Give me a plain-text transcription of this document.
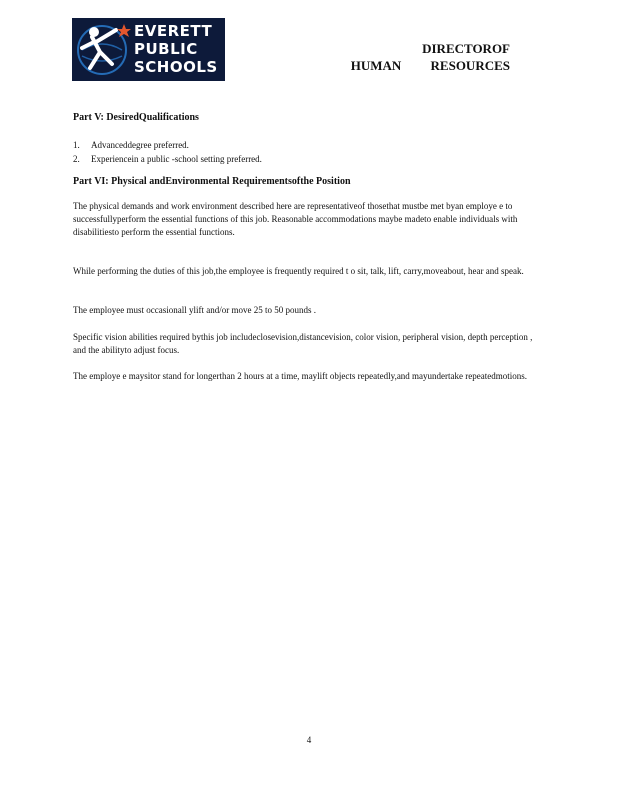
EVERETT
PUBLIC
SCHOOLS
DIRECTOROF
HUMAN RESOURCES
Part V: DesiredQualifications
1. Advanceddegree preferred.
2. Experiencein a public -school setting preferred.
Part VI: Physical andEnvironmental Requirementsofthe Position
The physical demands and work environment described here are representativeof thosethat mustbe met byan employe e to successfullyperform the essential functions of this job. Reasonable accommodations maybe madeto enable individuals with disabilitiesto perform the essential functions.
While performing the duties of this job,the employee is frequently required t o sit, talk, lift, carry,moveabout, hear and speak.
The employee must occasionall ylift and/or move 25 to 50 pounds .
Specific vision abilities required bythis job includeclosevision,distancevision, color vision, peripheral vision, depth perception , and the abilityto adjust focus.
The employe e maysitor stand for longerthan 2 hours at a time, maylift objects repeatedly,and mayundertake repeatedmotions.
4
